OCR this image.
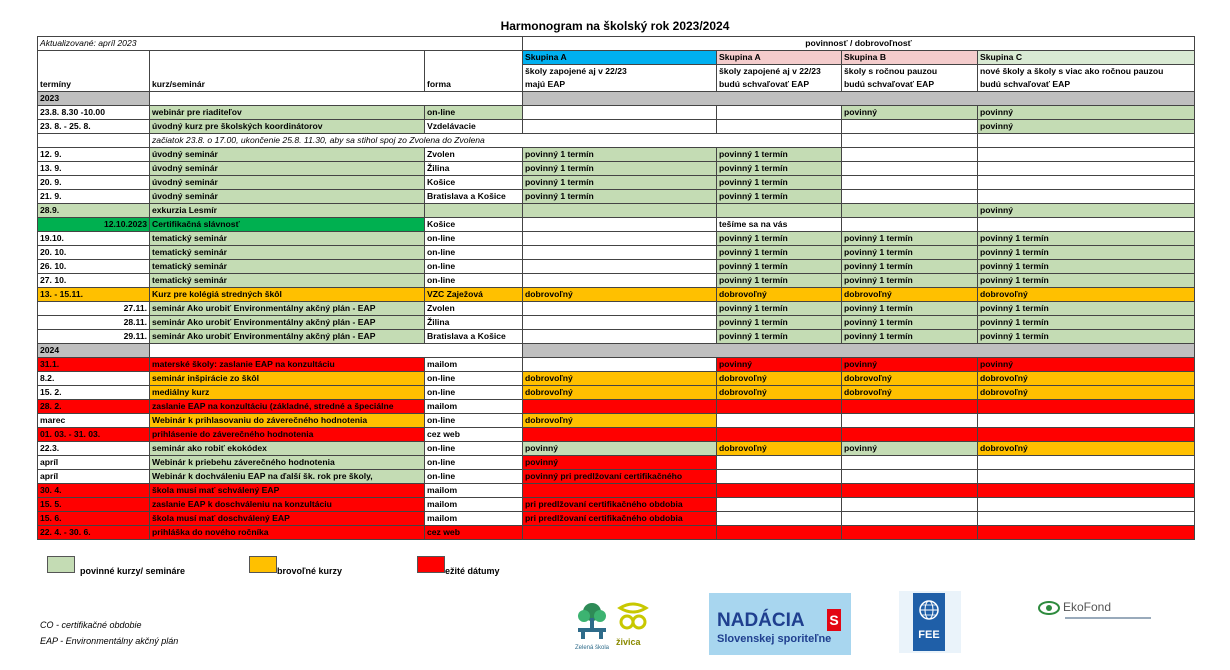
Harmonogram na školský rok 2023/2024
Aktualizované: apríl 2023			povinnosť / dobrovoľnosť			
			Skupina A	Skupina A	Skupina B	Skupina C
			školy zapojené aj v 22/23	školy zapojené aj v 22/23	školy s ročnou pauzou	nové školy a školy s viac ako ročnou pauzou
termíny	kurz/seminár	forma	majú EAP	budú schvaľovať EAP	budú schvaľovať EAP	budú schvaľovať EAP
2023						
23.8. 8.30 -10.00	webinár pre riaditeľov	on-line			povinný	povinný
23. 8. - 25. 8.	úvodný kurz pre školských koordinátorov	Vzdelávacie				povinný
	začiatok 23.8. o 17.00, ukončenie 25.8. 11.30, aby sa stihol spoj zo Zvolena do Zvolena					
12. 9.	úvodný seminár	Zvolen	povinný 1 termín	povinný 1 termín		
13. 9.	úvodný seminár	Žilina	povinný 1 termín	povinný 1 termín		
20. 9.	úvodný seminár	Košice	povinný 1 termín	povinný 1 termín		
21. 9.	úvodný seminár	Bratislava a Košice	povinný 1 termín	povinný 1 termín		
28.9.	exkurzia Lesmír					povinný
12.10.2023	Certifikačná slávnosť	Košice		tešíme sa na vás		
19.10.	tematický seminár	on-line		povinný 1 termín	povinný 1 termín	povinný 1 termín
20. 10.	tematický seminár	on-line		povinný 1 termín	povinný 1 termín	povinný 1 termín
26. 10.	tematický seminár	on-line		povinný 1 termín	povinný 1 termín	povinný 1 termín
27. 10.	tematický seminár	on-line		povinný 1 termín	povinný 1 termín	povinný 1 termín
13. - 15.11.	Kurz pre kolégiá stredných škôl	VZC Zaježová	dobrovoľný	dobrovoľný	dobrovoľný	dobrovoľný
27.11.	seminár Ako urobiť Environmentálny akčný plán - EAP	Zvolen		povinný 1 termín	povinný 1 termín	povinný 1 termín
28.11.	seminár Ako urobiť Environmentálny akčný plán - EAP	Žilina		povinný 1 termín	povinný 1 termín	povinný 1 termín
29.11.	seminár Ako urobiť Environmentálny akčný plán - EAP	Bratislava a Košice		povinný 1 termín	povinný 1 termín	povinný 1 termín
2024						
31.1.	materské školy: zaslanie EAP na konzultáciu	mailom		povinný	povinný	povinný
8.2.	seminár inšpirácie zo škôl	on-line	dobrovoľný	dobrovoľný	dobrovoľný	dobrovoľný
15. 2.	mediálny kurz	on-line	dobrovoľný	dobrovoľný	dobrovoľný	dobrovoľný
28. 2.	zaslanie EAP na konzultáciu (základné, stredné a špeciálne	mailom				
marec	Webinár k prihlasovaniu do záverečného hodnotenia	on-line	dobrovoľný			
01. 03. - 31. 03.	prihlásenie do záverečného hodnotenia	cez web				
22.3.	seminár ako robiť ekokódex	on-line	povinný	dobrovoľný	povinný	dobrovoľný
apríl	Webinár k priebehu záverečného hodnotenia	on-line	povinný			
apríl	Webinár k dochváleniu EAP na ďalší šk. rok pre školy,	on-line	povinný pri predlžovaní certifikačného			
30. 4.	škola musí mať schválený EAP	mailom				
15. 5.	zaslanie EAP k doschváleniu na konzultáciu	mailom	pri predlžovaní certifikačného obdobia			
15. 6.	škola musí mať doschválený EAP	mailom	pri predlžovaní certifikačného obdobia			
22. 4. - 30. 6.	prihláška do nového ročníka	cez web				
povinné kurzy/ semináre	brovoľné kurzy	ežité dátumy
CO - certifikačné obdobie
EAP - Environmentálny akčný plán
Zelená škola
živica
NADÁCIA S
Slovenskej sporiteľne	FEE
EkoFond
